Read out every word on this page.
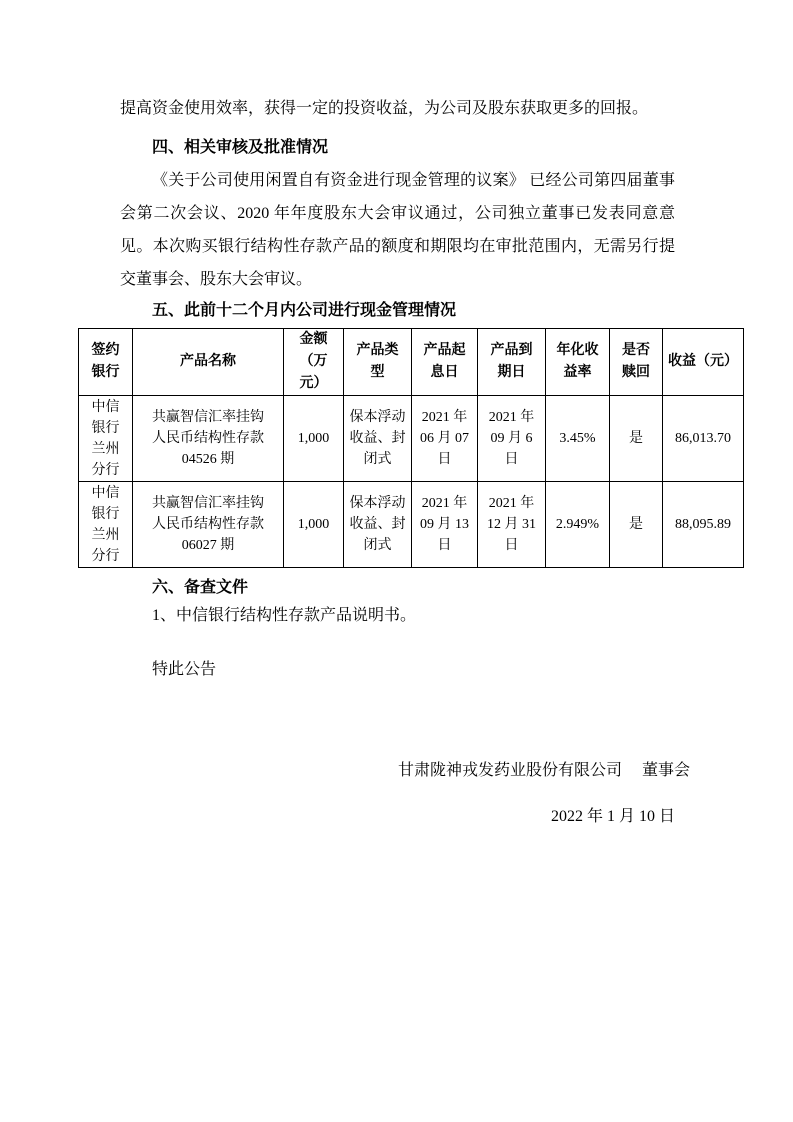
提高资金使用效率，获得一定的投资收益，为公司及股东获取更多的回报。

四、相关审核及批准情况

《关于公司使用闲置自有资金进行现金管理的议案》 已经公司第四届董事会第二次会议、2020 年年度股东大会审议通过，公司独立董事已发表同意意见。本次购买银行结构性存款产品的额度和期限均在审批范围内，无需另行提交董事会、股东大会审议。

五、此前十二个月内公司进行现金管理情况
签约银行	产品名称	金额（万元）	产品类型	产品起息日	产品到期日	年化收益率	是否赎回	收益（元）
中信银行兰州分行	共赢智信汇率挂钩人民币结构性存款04526 期	1,000	保本浮动收益、封闭式	2021 年 06 月 07 日	2021 年 09 月 6 日	3.45%	是	86,013.70
中信银行兰州分行	共赢智信汇率挂钩人民币结构性存款06027 期	1,000	保本浮动收益、封闭式	2021 年 09 月 13 日	2021 年 12 月 31 日	2.949%	是	88,095.89
六、备查文件

1、中信银行结构性存款产品说明书。

特此公告

甘肃陇神戎发药业股份有限公司　 董事会

2022 年 1 月 10 日
